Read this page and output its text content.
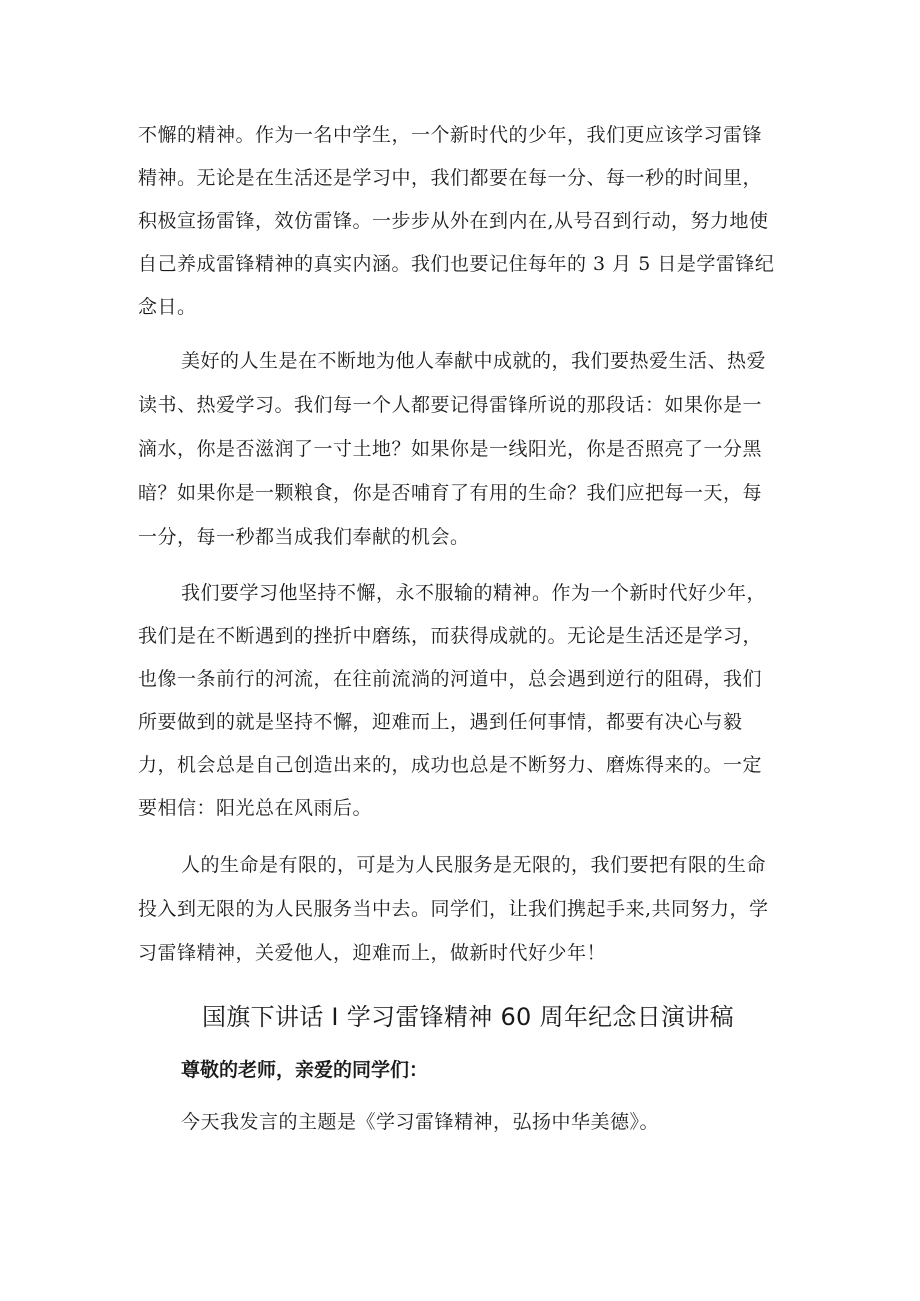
不懈的精神。作为一名中学生，一个新时代的少年，我们更应该学习雷锋
精神。无论是在生活还是学习中，我们都要在每一分、每一秒的时间里，
积极宣扬雷锋，效仿雷锋。一步步从外在到内在,从号召到行动，努力地使
自己养成雷锋精神的真实内涵。我们也要记住每年的 3 月 5 日是学雷锋纪
念日。
美好的人生是在不断地为他人奉献中成就的，我们要热爱生活、热爱
读书、热爱学习。我们每一个人都要记得雷锋所说的那段话：如果你是一
滴水，你是否滋润了一寸土地？如果你是一线阳光，你是否照亮了一分黑
暗？如果你是一颗粮食，你是否哺育了有用的生命？我们应把每一天，每
一分，每一秒都当成我们奉献的机会。
我们要学习他坚持不懈，永不服输的精神。作为一个新时代好少年，
我们是在不断遇到的挫折中磨练，而获得成就的。无论是生活还是学习，
也像一条前行的河流，在往前流淌的河道中，总会遇到逆行的阻碍，我们
所要做到的就是坚持不懈，迎难而上，遇到任何事情，都要有决心与毅
力，机会总是自己创造出来的，成功也总是不断努力、磨炼得来的。一定
要相信：阳光总在风雨后。
人的生命是有限的，可是为人民服务是无限的，我们要把有限的生命
投入到无限的为人民服务当中去。同学们，让我们携起手来,共同努力，学
习雷锋精神，关爱他人，迎难而上，做新时代好少年！
国旗下讲话 I 学习雷锋精神 60 周年纪念日演讲稿
尊敬的老师，亲爱的同学们：
今天我发言的主题是《学习雷锋精神，弘扬中华美德》。
